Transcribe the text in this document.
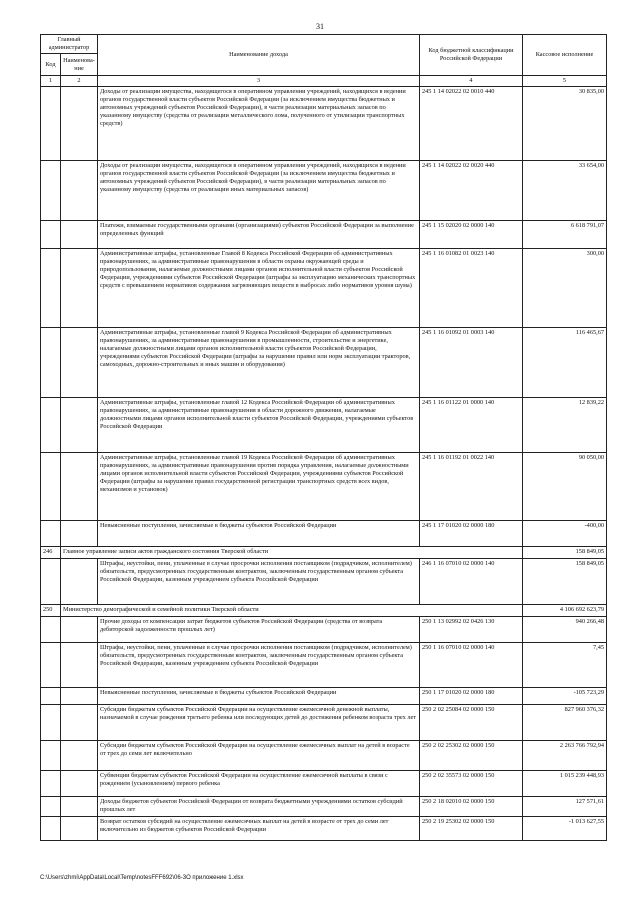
31
Главный администратор		Наименование дохода	Код бюджетной классификации Российской Федерации	Кассовое исполнение
Код	Наименова-ние			
1	2	3	4	5
		Доходы от реализации имущества, находящегося в оперативном управлении учреждений, находящихся в ведении органов государственной власти субъектов Российской Федерации (за исключением имущества бюджетных и автономных учреждений субъектов Российской Федерации), в части реализации материальных запасов по указанному имуществу (средства от реализации металлического лома, полученного от утилизации транспортных средств)	245 1 14 02022 02 0010 440	30 835,00
		Доходы от реализации имущества, находящегося в оперативном управлении учреждений, находящихся в ведении органов государственной власти субъектов Российской Федерации (за исключением имущества бюджетных и автономных учреждений субъектов Российской Федерации), в части реализации материальных запасов по указанному имуществу (средства от реализации иных материальных запасов)	245 1 14 02022 02 0020 440	33 654,00
		Платежи, взимаемые государственными органами (организациями) субъектов Российской Федерации за выполнение определенных функций	245 1 15 02020 02 0000 140	6 618 791,07
		Административные штрафы, установленные Главой 8 Кодекса Российской Федерации об административных правонарушениях, за административные правонарушения в области охраны окружающей среды и природопользования, налагаемые должностными лицами органов исполнительной власти субъектов Российской Федерации, учреждениями субъектов Российской Федерации (штрафы за эксплуатацию механических транспортных средств с превышением нормативов содержания загрязняющих веществ в выбросах либо нормативов уровня шума)	245 1 16 01082 01 0023 140	300,00
		Административные штрафы, установленные главой 9 Кодекса Российской Федерации об административных правонарушениях, за административные правонарушения в промышленности, строительстве и энергетике, налагаемые должностными лицами органов исполнительной власти субъектов Российской Федерации, учреждениями субъектов Российской Федерации (штрафы за нарушение правил или норм эксплуатации тракторов, самоходных, дорожно-строительных и иных машин и оборудования)	245 1 16 01092 01 0003 140	116 465,67
		Административные штрафы, установленные главой 12 Кодекса Российской Федерации об административных правонарушениях, за административные правонарушения в области дорожного движения, налагаемые должностными лицами органов исполнительной власти субъектов Российской Федерации, учреждениями субъектов Российской Федерации	245 1 16 01122 01 0000 140	12 839,22
		Административные штрафы, установленные главой 19 Кодекса Российской Федерации об административных правонарушениях, за административные правонарушения против порядка управления, налагаемые должностными лицами органов исполнительной власти субъектов Российской Федерации, учреждениями субъектов Российской Федерации (штрафы за нарушение правил государственной регистрации транспортных средств всех видов, механизмов и установок)	245 1 16 01192 01 0022 140	90 050,00
		Невыясненные поступления, зачисляемые в бюджеты субъектов Российской Федерации	245 1 17 01020 02 0000 180	-400,00
246	Главное управление записи актов гражданского состояния Тверской области			158 849,05
		Штрафы, неустойки, пени, уплаченные в случае просрочки исполнения поставщиком (подрядчиком, исполнителем) обязательств, предусмотренных государственным контрактом, заключенным государственным органом субъекта Российской Федерации, казенным учреждением субъекта Российской Федерации	246 1 16 07010 02 0000 140	158 849,05
250	Министерство демографической и семейной политики Тверской области			4 106 692 623,79
		Прочие доходы от компенсации затрат бюджетов субъектов Российской Федерации (средства от возврата дебиторской задолженности прошлых лет)	250 1 13 02992 02 0426 130	940 266,48
		Штрафы, неустойки, пени, уплаченные в случае просрочки исполнения поставщиком (подрядчиком, исполнителем) обязательств, предусмотренных государственным контрактом, заключенным государственным органом субъекта Российской Федерации, казенным учреждением субъекта Российской Федерации	250 1 16 07010 02 0000 140	7,45
		Невыясненные поступления, зачисляемые в бюджеты субъектов Российской Федерации	250 1 17 01020 02 0000 180	-105 723,29
		Субсидии бюджетам субъектов Российской Федерации на осуществление ежемесячной денежной выплаты, назначаемой в случае рождения третьего ребенка или последующих детей до достижения ребенком возраста трех лет	250 2 02 25084 02 0000 150	827 960 376,32
		Субсидии бюджетам субъектов Российской Федерации на осуществление ежемесячных выплат на детей в возрасте от трех до семи лет включительно	250 2 02 25302 02 0000 150	2 263 766 792,94
		Субвенции бюджетам субъектов Российской Федерации на осуществление ежемесячной выплаты в связи с рождением (усыновлением) первого ребенка	250 2 02 35573 02 0000 150	1 015 239 448,93
		Доходы бюджетов субъектов Российской Федерации от возврата бюджетными учреждениями остатков субсидий прошлых лет	250 2 18 02010 02 0000 150	127 571,61
		Возврат остатков субсидий на осуществление ежемесячных выплат на детей в возрасте от трех до семи лет включительно из бюджетов субъектов Российской Федерации	250 2 19 25302 02 0000 150	-1 013 627,55
C:\Users\zhmi\AppData\Local\Temp\notesFFF692\06-3О приложение 1.xlsx
